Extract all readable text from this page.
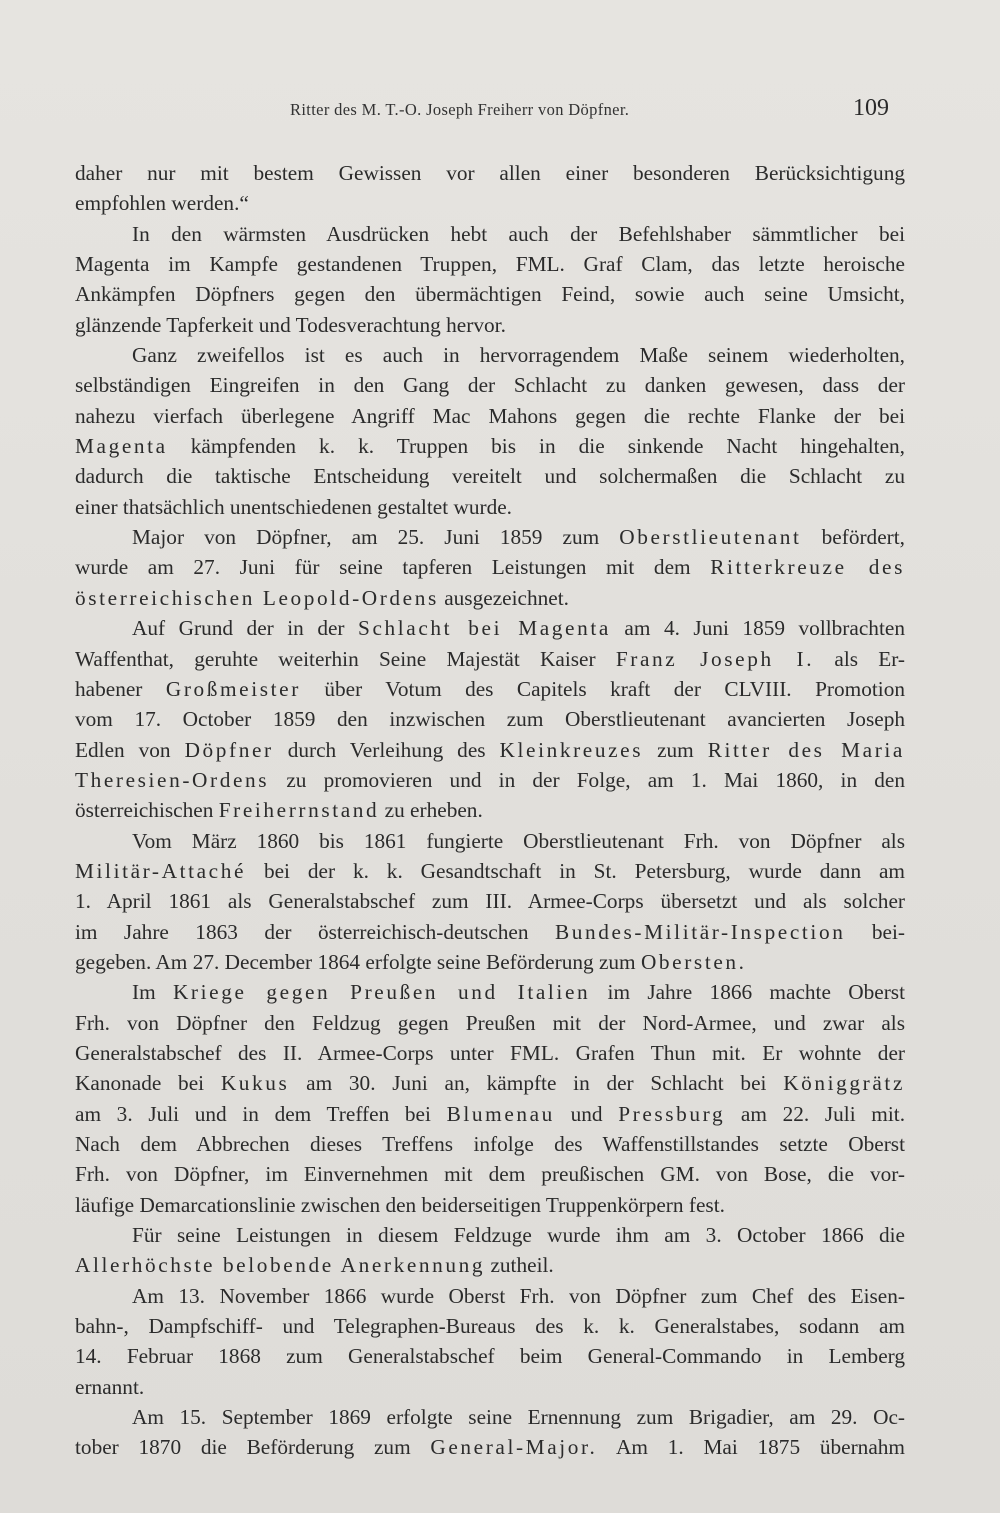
Ritter des M. T.-O. Joseph Freiherr von Döpfner.	109
daher nur mit bestem Gewissen vor allen einer besonderen Berücksichtigung
empfohlen werden.“
In den wärmsten Ausdrücken hebt auch der Befehlshaber sämmtlicher bei
Magenta im Kampfe gestandenen Truppen, FML. Graf Clam, das letzte heroische
Ankämpfen Döpfners gegen den übermächtigen Feind, sowie auch seine Umsicht,
glänzende Tapferkeit und Todesverachtung hervor.
Ganz zweifellos ist es auch in hervorragendem Maße seinem wiederholten,
selbständigen Eingreifen in den Gang der Schlacht zu danken gewesen, dass der
nahezu vierfach überlegene Angriff Mac Mahons gegen die rechte Flanke der bei
Magenta kämpfenden k. k. Truppen bis in die sinkende Nacht hingehalten,
dadurch die taktische Entscheidung vereitelt und solchermaßen die Schlacht zu
einer thatsächlich unentschiedenen gestaltet wurde.
Major von Döpfner, am 25. Juni 1859 zum Oberstlieutenant befördert,
wurde am 27. Juni für seine tapferen Leistungen mit dem Ritterkreuze des
österreichischen Leopold-Ordens ausgezeichnet.
Auf Grund der in der Schlacht bei Magenta am 4. Juni 1859 vollbrachten
Waffenthat, geruhte weiterhin Seine Majestät Kaiser Franz Joseph I. als Er-
habener Großmeister über Votum des Capitels kraft der CLVIII. Promotion
vom 17. October 1859 den inzwischen zum Oberstlieutenant avancierten Joseph
Edlen von Döpfner durch Verleihung des Kleinkreuzes zum Ritter des Maria
Theresien-Ordens zu promovieren und in der Folge, am 1. Mai 1860, in den
österreichischen Freiherrnstand zu erheben.
Vom März 1860 bis 1861 fungierte Oberstlieutenant Frh. von Döpfner als
Militär-Attaché bei der k. k. Gesandtschaft in St. Petersburg, wurde dann am
1. April 1861 als Generalstabschef zum III. Armee-Corps übersetzt und als solcher
im Jahre 1863 der österreichisch-deutschen Bundes-Militär-Inspection bei-
gegeben. Am 27. December 1864 erfolgte seine Beförderung zum Obersten.
Im Kriege gegen Preußen und Italien im Jahre 1866 machte Oberst
Frh. von Döpfner den Feldzug gegen Preußen mit der Nord-Armee, und zwar als
Generalstabschef des II. Armee-Corps unter FML. Grafen Thun mit. Er wohnte der
Kanonade bei Kukus am 30. Juni an, kämpfte in der Schlacht bei Königgrätz
am 3. Juli und in dem Treffen bei Blumenau und Pressburg am 22. Juli mit.
Nach dem Abbrechen dieses Treffens infolge des Waffenstillstandes setzte Oberst
Frh. von Döpfner, im Einvernehmen mit dem preußischen GM. von Bose, die vor-
läufige Demarcationslinie zwischen den beiderseitigen Truppenkörpern fest.
Für seine Leistungen in diesem Feldzuge wurde ihm am 3. October 1866 die
Allerhöchste belobende Anerkennung zutheil.
Am 13. November 1866 wurde Oberst Frh. von Döpfner zum Chef des Eisen-
bahn-, Dampfschiff- und Telegraphen-Bureaus des k. k. Generalstabes, sodann am
14. Februar 1868 zum Generalstabschef beim General-Commando in Lemberg
ernannt.
Am 15. September 1869 erfolgte seine Ernennung zum Brigadier, am 29. Oc-
tober 1870 die Beförderung zum General-Major. Am 1. Mai 1875 übernahm
